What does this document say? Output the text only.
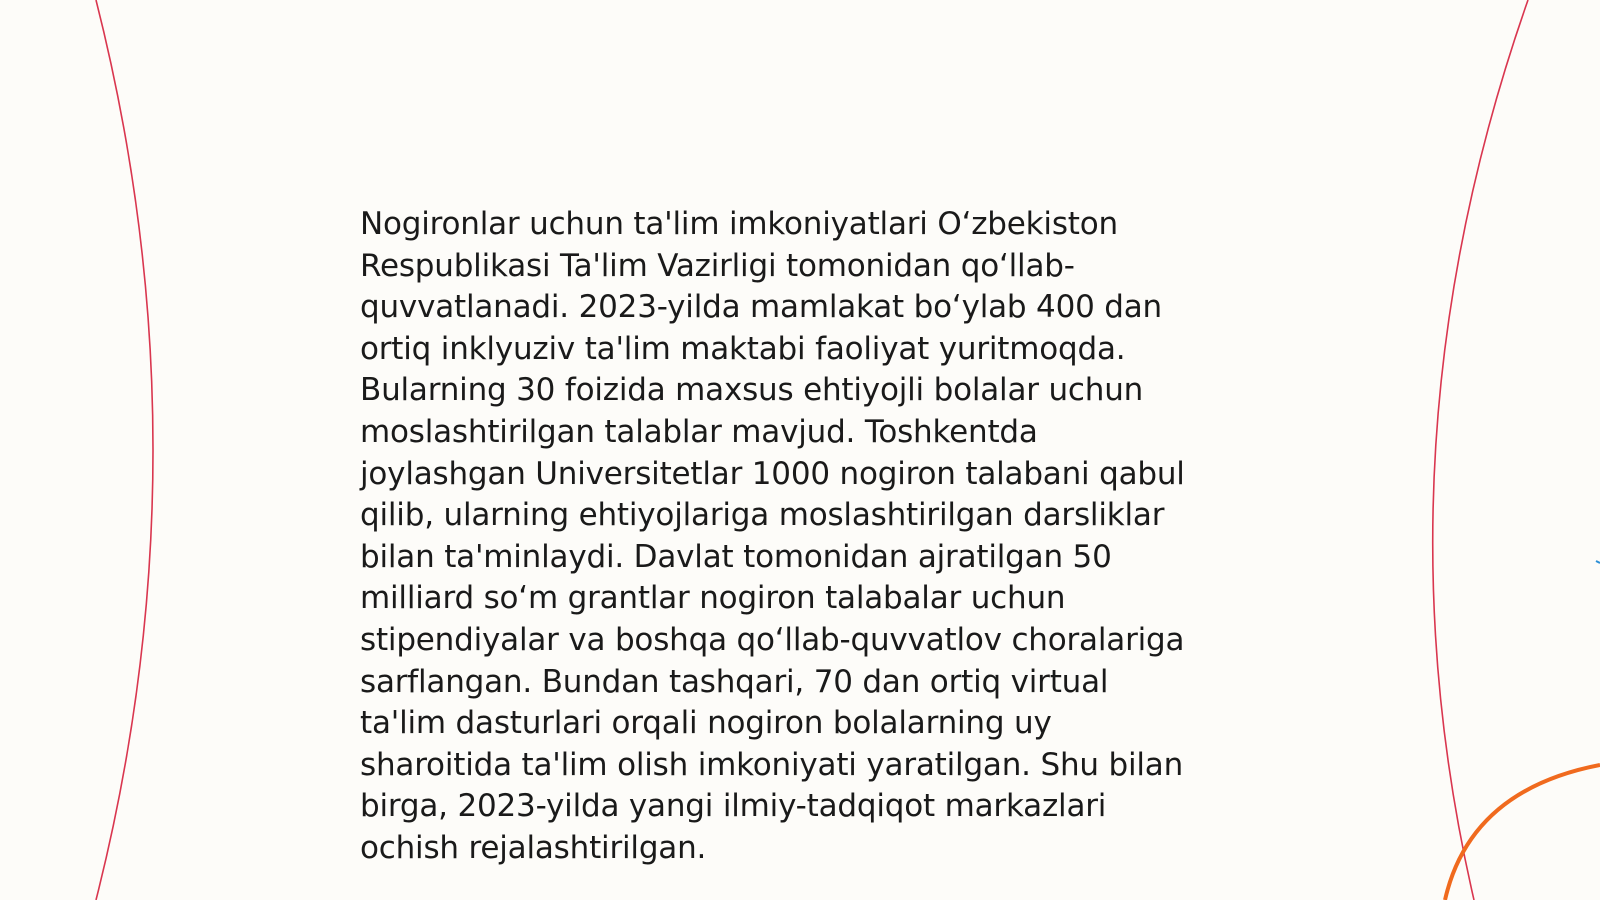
Nogironlar uchun ta'lim imkoniyatlari O‘zbekiston
Respublikasi Ta'lim Vazirligi tomonidan qo‘llab-
quvvatlanadi. 2023-yilda mamlakat bo‘ylab 400 dan
ortiq inklyuziv ta'lim maktabi faoliyat yuritmoqda.
Bularning 30 foizida maxsus ehtiyojli bolalar uchun
moslashtirilgan talablar mavjud. Toshkentda
joylashgan Universitetlar 1000 nogiron talabani qabul
qilib, ularning ehtiyojlariga moslashtirilgan darsliklar
bilan ta'minlaydi. Davlat tomonidan ajratilgan 50
milliard so‘m grantlar nogiron talabalar uchun
stipendiyalar va boshqa qo‘llab-quvvatlov choralariga
sarflangan. Bundan tashqari, 70 dan ortiq virtual
ta'lim dasturlari orqali nogiron bolalarning uy
sharoitida ta'lim olish imkoniyati yaratilgan. Shu bilan
birga, 2023-yilda yangi ilmiy-tadqiqot markazlari
ochish rejalashtirilgan.
